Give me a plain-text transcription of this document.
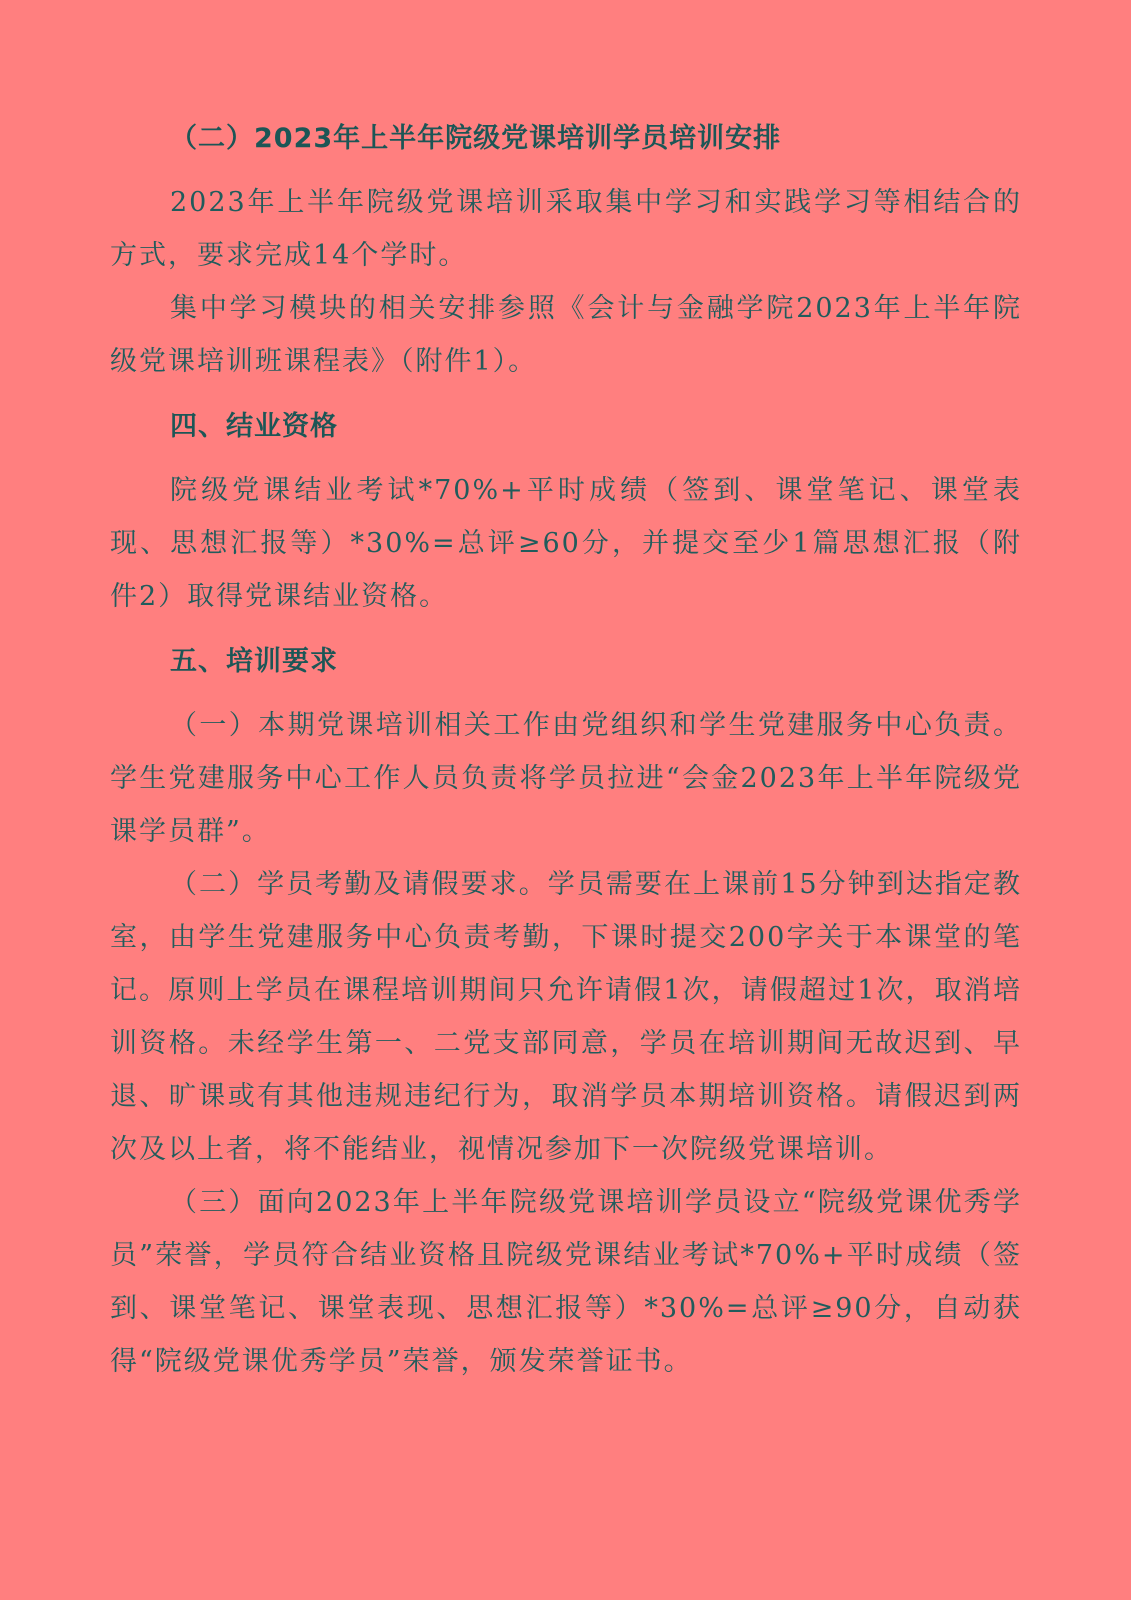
（二）2023年上半年院级党课培训学员培训安排

2023年上半年院级党课培训采取集中学习和实践学习等相结合的方式，要求完成14个学时。

集中学习模块的相关安排参照《会计与金融学院2023年上半年院级党课培训班课程表》（附件1）。

四、结业资格

院级党课结业考试*70%+平时成绩（签到、课堂笔记、课堂表现、思想汇报等）*30%=总评≥60分，并提交至少1篇思想汇报（附件2）取得党课结业资格。

五、培训要求

（一）本期党课培训相关工作由党组织和学生党建服务中心负责。学生党建服务中心工作人员负责将学员拉进“会金2023年上半年院级党课学员群”。

（二）学员考勤及请假要求。学员需要在上课前15分钟到达指定教室，由学生党建服务中心负责考勤，下课时提交200字关于本课堂的笔记。原则上学员在课程培训期间只允许请假1次，请假超过1次，取消培训资格。未经学生第一、二党支部同意，学员在培训期间无故迟到、早退、旷课或有其他违规违纪行为，取消学员本期培训资格。请假迟到两次及以上者，将不能结业，视情况参加下一次院级党课培训。

（三）面向2023年上半年院级党课培训学员设立“院级党课优秀学员”荣誉，学员符合结业资格且院级党课结业考试*70%+平时成绩（签到、课堂笔记、课堂表现、思想汇报等）*30%=总评≥90分，自动获得“院级党课优秀学员”荣誉，颁发荣誉证书。
